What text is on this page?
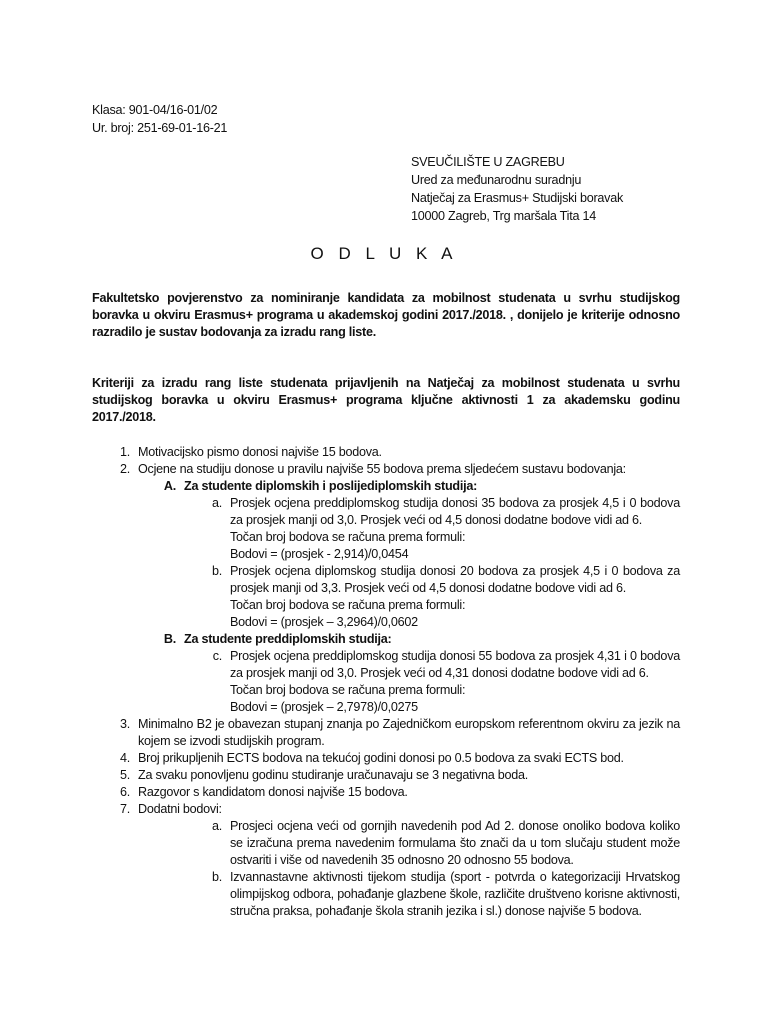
Klasa: 901-04/16-01/02
Ur. broj: 251-69-01-16-21
SVEUČILIŠTE U ZAGREBU
Ured za međunarodnu suradnju
Natječaj za Erasmus+ Studijski boravak
10000 Zagreb, Trg maršala Tita 14
O D L U K A
Fakultetsko povjerenstvo za nominiranje kandidata za mobilnost studenata u svrhu studijskog boravka u okviru Erasmus+ programa u akademskoj godini 2017./2018. , donijelo je kriterije odnosno razradilo je sustav bodovanja za izradu rang liste.
Kriteriji za izradu rang liste studenata prijavljenih na Natječaj za mobilnost studenata u svrhu studijskog boravka u okviru Erasmus+ programa ključne aktivnosti 1 za akademsku godinu 2017./2018.
1. Motivacijsko pismo donosi najviše 15 bodova.
2. Ocjene na studiju donose u pravilu najviše 55 bodova prema sljedećem sustavu bodovanja:
A. Za studente diplomskih i poslijediplomskih studija:
a. Prosjek ocjena preddiplomskog studija donosi 35 bodova za prosjek 4,5 i 0 bodova za prosjek manji od 3,0. Prosjek veći od 4,5 donosi dodatne bodove vidi ad 6.
Točan broj bodova se računa prema formuli:
Bodovi = (prosjek - 2,914)/0,0454
b. Prosjek ocjena diplomskog studija donosi 20 bodova za prosjek 4,5 i 0 bodova za prosjek manji od 3,3. Prosjek veći od 4,5 donosi dodatne bodove vidi ad 6.
Točan broj bodova se računa prema formuli:
Bodovi = (prosjek – 3,2964)/0,0602
B. Za studente preddiplomskih studija:
c. Prosjek ocjena preddiplomskog studija donosi 55 bodova za prosjek 4,31 i 0 bodova za prosjek manji od 3,0. Prosjek veći od 4,31 donosi dodatne bodove vidi ad 6.
Točan broj bodova se računa prema formuli:
Bodovi = (prosjek – 2,7978)/0,0275
3. Minimalno B2 je obavezan stupanj znanja po Zajedničkom europskom referentnom okviru za jezik na kojem se izvodi studijskih program.
4. Broj prikupljenih ECTS bodova na tekućoj godini donosi po 0.5 bodova za svaki ECTS bod.
5. Za svaku ponovljenu godinu studiranje uračunavaju se 3 negativna boda.
6. Razgovor s kandidatom donosi najviše 15 bodova.
7. Dodatni bodovi:
a. Prosjeci ocjena veći od gornjih navedenih pod Ad 2. donose onoliko bodova koliko se izračuna prema navedenim formulama što znači da u tom slučaju student može ostvariti i više od navedenih 35 odnosno 20 odnosno 55 bodova.
b. Izvannastavne aktivnosti tijekom studija (sport - potvrda o kategorizaciji Hrvatskog olimpijskog odbora, pohađanje glazbene škole, različite društveno korisne aktivnosti, stručna praksa, pohađanje škola stranih jezika i sl.) donose najviše 5 bodova.
